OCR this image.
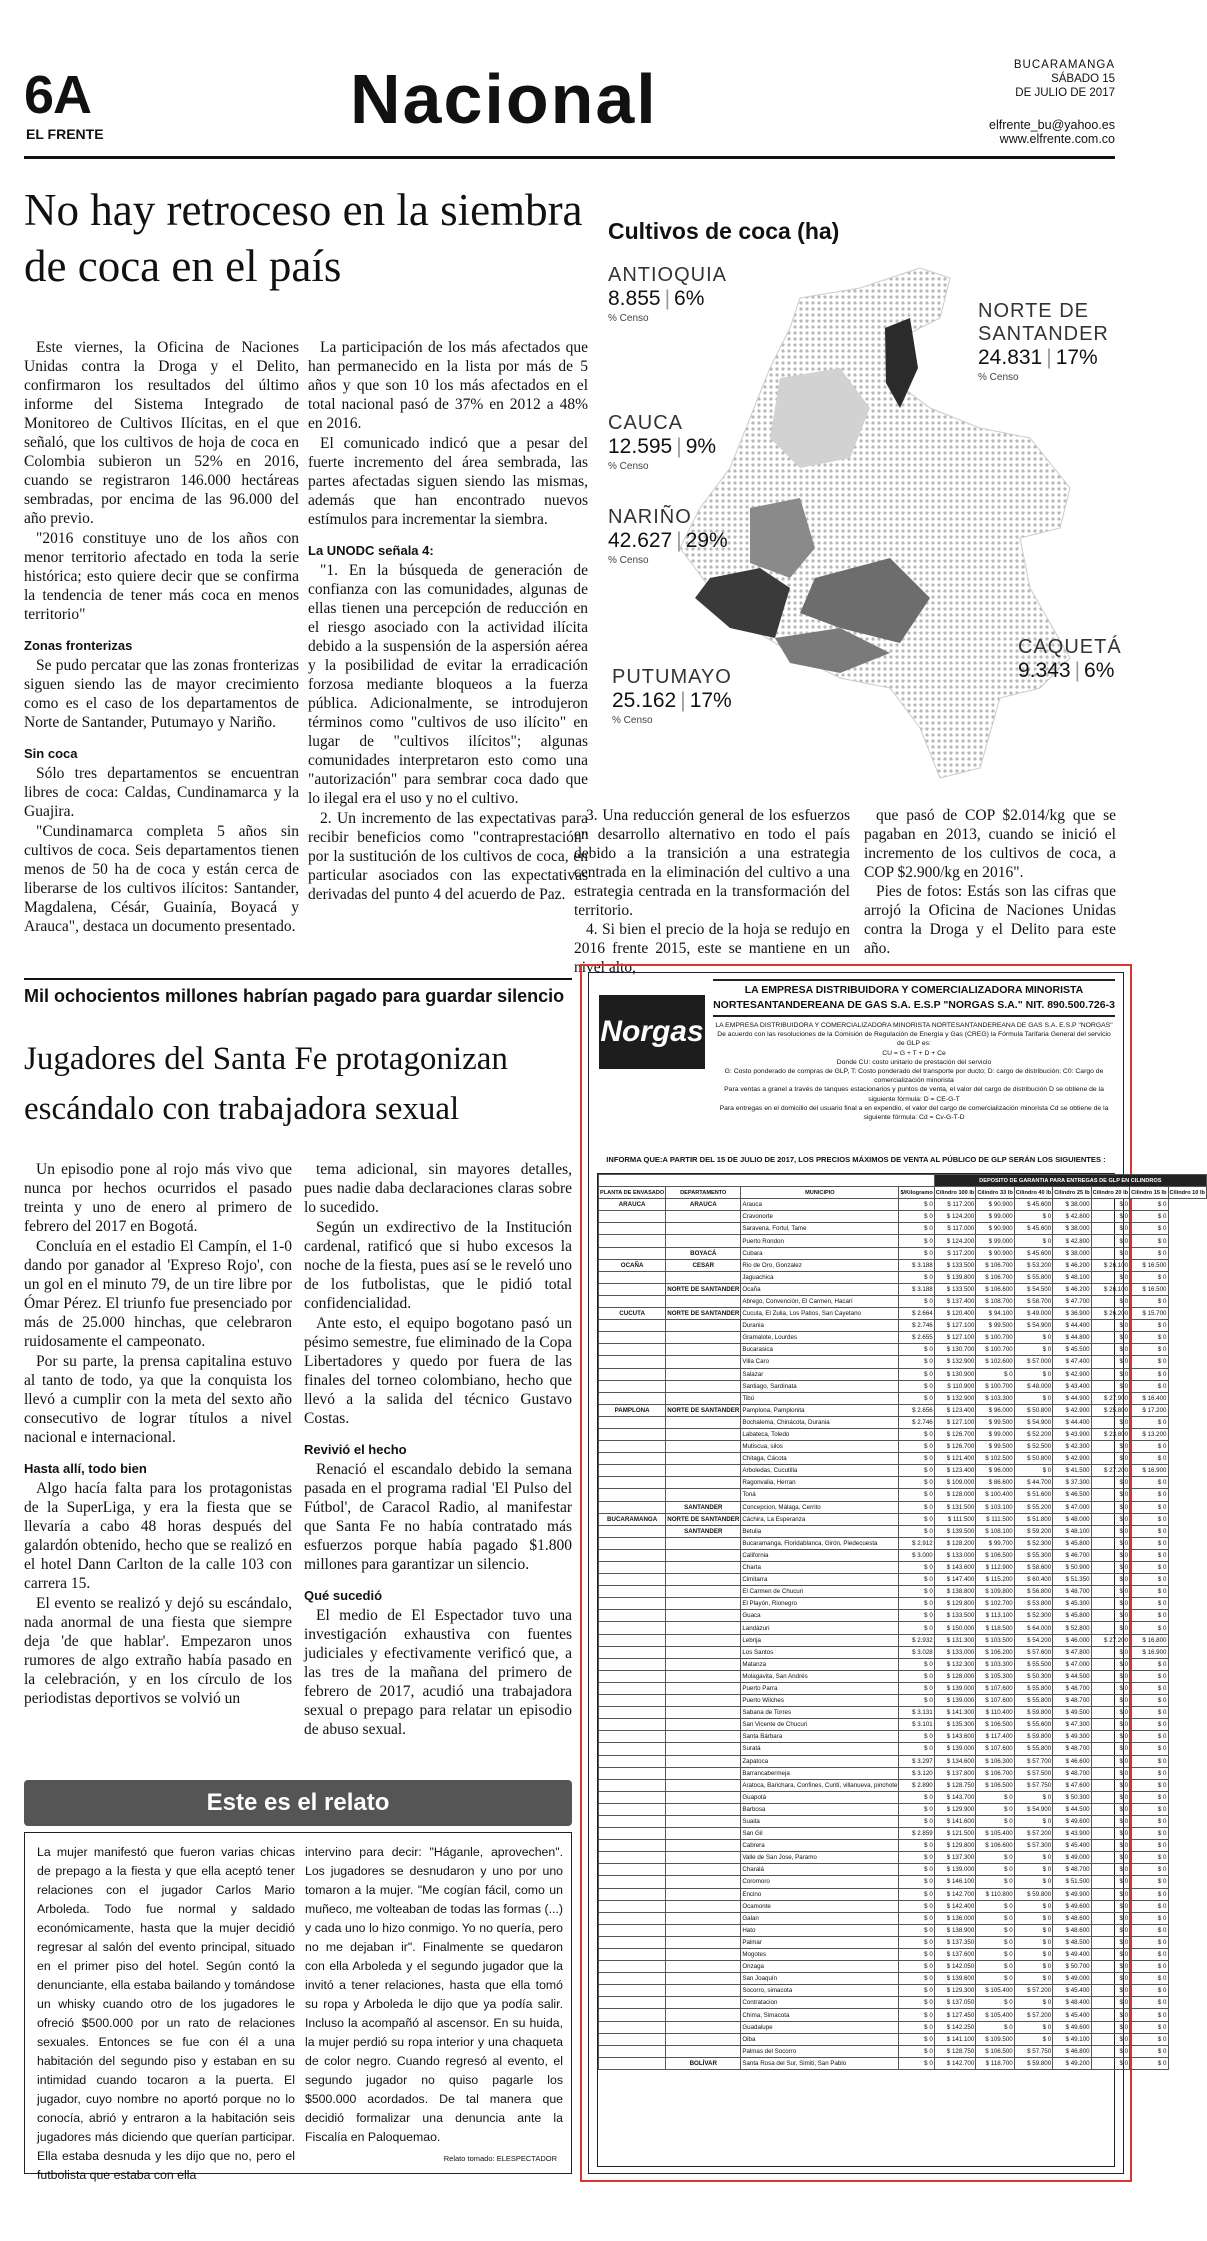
6A
EL FRENTE	Nacional	BUCARAMANGA
SÁBADO 15
DE JULIO DE 2017
elfrente_bu@yahoo.es
www.elfrente.com.co
No hay retroceso en la siembra de coca en el país

Este viernes, la Oficina de Naciones Unidas contra la Droga y el Delito, confirmaron los resultados del último informe del Sistema Integrado de Monitoreo de Cultivos Ilícitas, en el que señaló, que los cultivos de hoja de coca en Colombia subieron un 52% en 2016, cuando se registraron 146.000 hectáreas sembradas, por encima de las 96.000 del año previo.

"2016 constituye uno de los años con menor territorio afectado en toda la serie histórica; esto quiere decir que se confirma la tendencia de tener más coca en menos territorio"

Zonas fronterizas

Se pudo percatar que las zonas fronterizas siguen siendo las de mayor crecimiento como es el caso de los departamentos de Norte de Santander, Putumayo y Nariño.

Sin coca

Sólo tres departamentos se encuentran libres de coca: Caldas, Cundinamarca y la Guajira.

"Cundinamarca completa 5 años sin cultivos de coca. Seis departamentos tienen menos de 50 ha de coca y están cerca de liberarse de los cultivos ilícitos: Santander, Magdalena, Césár, Guainía, Boyacá y Arauca", destaca un documento presentado.

La participación de los más afectados que han permanecido en la lista por más de 5 años y que son 10 los más afectados en el total nacional pasó de 37% en 2012 a 48% en 2016.

El comunicado indicó que a pesar del fuerte incremento del área sembrada, las partes afectadas siguen siendo las mismas, además que han encontrado nuevos estímulos para incrementar la siembra.

La UNODC señala 4:

"1. En la búsqueda de generación de confianza con las comunidades, algunas de ellas tienen una percepción de reducción en el riesgo asociado con la actividad ilícita debido a la suspensión de la aspersión aérea y la posibilidad de evitar la erradicación forzosa mediante bloqueos a la fuerza pública. Adicionalmente, se introdujeron términos como "cultivos de uso ilícito" en lugar de "cultivos ilícitos"; algunas comunidades interpretaron esto como una "autorización" para sembrar coca dado que lo ilegal era el uso y no el cultivo.

2. Un incremento de las expectativas para recibir beneficios como "contraprestación" por la sustitución de los cultivos de coca, en particular asociados con las expectativas derivadas del punto 4 del acuerdo de Paz.

Cultivos de coca (ha)
ANTIOQUIA
8.855 | 6%
% Censo	NORTE DE SANTANDER
24.831 | 17%
% Censo
CAUCA
12.595 | 9%
% Censo
NARIÑO
42.627 | 29%
% Censo
CAQUETÁ
9.343 | 6%
PUTUMAYO
25.162 | 17%
% Censo

3. Una reducción general de los esfuerzos en desarrollo alternativo en todo el país debido a la transición a una estrategia centrada en la eliminación del cultivo a una estrategia centrada en la transformación del territorio.

4. Si bien el precio de la hoja se redujo en 2016 frente 2015, este se mantiene en un nivel alto,

que pasó de COP $2.014/kg que se pagaban en 2013, cuando se inició el incremento de los cultivos de coca, a COP $2.900/kg en 2016".

Pies de fotos: Estás son las cifras que arrojó la Oficina de Naciones Unidas contra la Droga y el Delito para este año.

Mil ochocientos millones habrían pagado para guardar silencio
Jugadores del Santa Fe protagonizan escándalo con trabajadora sexual

Un episodio pone al rojo más vivo que nunca por hechos ocurridos el pasado treinta y uno de enero al primero de febrero del 2017 en Bogotá.

Concluía en el estadio El Campín, el 1-0 dando por ganador al 'Expreso Rojo', con un gol en el minuto 79, de un tire libre por Ómar Pérez. El triunfo fue presenciado por más de 25.000 hinchas, que celebraron ruidosamente el campeonato.

Por su parte, la prensa capitalina estuvo al tanto de todo, ya que la conquista los llevó a cumplir con la meta del sexto año consecutivo de lograr títulos a nivel nacional e internacional.

Hasta allí, todo bien

Algo hacía falta para los protagonistas de la SuperLiga, y era la fiesta que se llevaría a cabo 48 horas después del galardón obtenido, hecho que se realizó en el hotel Dann Carlton de la calle 103 con carrera 15.

El evento se realizó y dejó su escándalo, nada anormal de una fiesta que siempre deja 'de que hablar'. Empezaron unos rumores de algo extraño había pasado en la celebración, y en los círculo de los periodistas deportivos se volvió un

tema adicional, sin mayores detalles, pues nadie daba declaraciones claras sobre lo sucedido.

Según un exdirectivo de la Institución cardenal, ratificó que si hubo excesos la noche de la fiesta, pues así se le reveló uno de los futbolistas, que le pidió total confidencialidad.

Ante esto, el equipo bogotano pasó un pésimo semestre, fue eliminado de la Copa Libertadores y quedo por fuera de las finales del torneo colombiano, hecho que llevó a la salida del técnico Gustavo Costas.

Revivió el hecho

Renació el escandalo debido la semana pasada en el programa radial 'El Pulso del Fútbol', de Caracol Radio, al manifestar que Santa Fe no había contratado más esfuerzos porque había pagado $1.800 millones para garantizar un silencio.

Qué sucedió

El medio de El Espectador tuvo una investigación exhaustiva con fuentes judiciales y efectivamente verificó que, a las tres de la mañana del primero de febrero de 2017, acudió una trabajadora sexual o prepago para relatar un episodio de abuso sexual.

Este es el relato
La mujer manifestó que fueron varias chicas de prepago a la fiesta y que ella aceptó tener relaciones con el jugador Carlos Mario Arboleda. Todo fue normal y saldado económicamente, hasta que la mujer decidió regresar al salón del evento principal, situado en el primer piso del hotel. Según contó la denunciante, ella estaba bailando y tomándose un whisky cuando otro de los jugadores le ofreció $500.000 por un rato de relaciones sexuales. Entonces se fue con él a una habitación del segundo piso y estaban en su intimidad cuando tocaron a la puerta. El jugador, cuyo nombre no aportó porque no lo conocía, abrió y entraron a la habitación seis jugadores más diciendo que querían participar. Ella estaba desnuda y les dijo que no, pero el futbolista que estaba con ella
intervino para decir: "Háganle, aprovechen". Los jugadores se desnudaron y uno por uno tomaron a la mujer. "Me cogían fácil, como un muñeco, me volteaban de todas las formas (...) y cada uno lo hizo conmigo. Yo no quería, pero no me dejaban ir". Finalmente se quedaron con ella Arboleda y el segundo jugador que la invitó a tener relaciones, hasta que ella tomó su ropa y Arboleda le dijo que ya podía salir. Incluso la acompañó al ascensor. En su huida, la mujer perdió su ropa interior y una chaqueta de color negro. Cuando regresó al evento, el segundo jugador no quiso pagarle los $500.000 acordados. De tal manera que decidió formalizar una denuncia ante la Fiscalía en Paloquemao.
Relato tomado: ELESPECTADOR
Norgas
LA EMPRESA DISTRIBUIDORA Y COMERCIALIZADORA MINORISTA
NORTESANTANDEREANA DE GAS S.A. E.S.P "NORGAS S.A." NIT. 890.500.726-3
LA EMPRESA DISTRIBUIDORA Y COMERCIALIZADORA MINORISTA NORTESANTANDEREANA DE GAS S.A. E.S.P "NORGAS"
De acuerdo con las resoluciones de la Comisión de Regulación de Energía y Gas (CREG) la Fórmula Tarifaria General del servicio de GLP es:
CU = G + T + D + Ce
Donde CU: costo unitario de prestación del servicio
G: Costo ponderado de compras de GLP, T: Costo ponderado del transporte por ducto; D: cargo de distribución; C0: Cargo de comercialización minorista
Para ventas a granel a través de tanques estacionarios y puntos de venta, el valor del cargo de distribución D se obtiene de la siguiente fórmula: D = CE-G-T
Para entregas en el domicilio del usuario final a en expendio, el valor del cargo de comercialización minorista Cd se obtiene de la siguiente fórmula: Cd = Cv-G-T-D
INFORMA QUE:A PARTIR DEL 15 DE JULIO DE 2017, LOS PRECIOS MÁXIMOS DE VENTA AL PÚBLICO DE GLP SERÁN LOS SIGUIENTES :
				DEPOSITO DE GARANTIA PARA ENTREGAS DE GLP EN CILINDROS						
PLANTA DE ENVASADO	DEPARTAMENTO	MUNICIPIO	$/Kilogramo	Cilindro 100 lb	Cilindro 33 lb	Cilindro 40 lb	Cilindro 25 lb	Cilindro 20 lb	Cilindro 15 lb	Cilindro 10 lb
ARAUCA	ARAUCA	Arauca	$ 0	$ 117.200	$ 90.900	$ 45.600	$ 38.000	$ 0	$ 0	
		Cravonorte	$ 0	$ 124.200	$ 99.000	$ 0	$ 42.800	$ 0	$ 0	
		Saravena, Fortul, Tame	$ 0	$ 117.000	$ 90.900	$ 45.600	$ 38.000	$ 0	$ 0	
		Puerto Rondon	$ 0	$ 124.200	$ 99.000	$ 0	$ 42.800	$ 0	$ 0	
	BOYACÁ	Cubara	$ 0	$ 117.200	$ 90.900	$ 45.600	$ 38.000	$ 0	$ 0	
OCAÑA	CESAR	Rio de Oro, Gonzalez	$ 3.188	$ 133.500	$ 106.700	$ 53.200	$ 46.200	$ 26.100	$ 16.500	
		Jaguachica	$ 0	$ 139.800	$ 106.700	$ 55.800	$ 48.100	$ 0	$ 0	
	NORTE DE SANTANDER	Ocaña	$ 3.188	$ 133.500	$ 106.600	$ 54.500	$ 46.200	$ 26.100	$ 16.500	
		Abrego, Convención, El Carmen, Hacarí	$ 0	$ 137.400	$ 108.700	$ 58.700	$ 47.700	$ 0	$ 0	
CUCUTA	NORTE DE SANTANDER	Cucuta, El Zulia, Los Patios, San Cayetano	$ 2.664	$ 120.400	$ 94.100	$ 49.000	$ 36.900	$ 26.200	$ 15.700	
		Durania	$ 2.746	$ 127.100	$ 99.500	$ 54.900	$ 44.400	$ 0	$ 0	
		Gramalote, Lourdes	$ 2.655	$ 127.100	$ 100.700	$ 0	$ 44.800	$ 0	$ 0	
		Bucarasica	$ 0	$ 130.700	$ 100.700	$ 0	$ 45.500	$ 0	$ 0	
		Villa Caro	$ 0	$ 132.900	$ 102.600	$ 57.000	$ 47.400	$ 0	$ 0	
		Salazar	$ 0	$ 130.900	$ 0	$ 0	$ 42.900	$ 0	$ 0	
		Santiago, Sardinata	$ 0	$ 110.900	$ 100.700	$ 48.000	$ 43.400	$ 0	$ 0	
		Tibú	$ 0	$ 132.900	$ 103.300	$ 0	$ 44.900	$ 27.900	$ 16.400	
PAMPLONA	NORTE DE SANTANDER	Pamplona, Pamplonita	$ 2.656	$ 123.400	$ 96.000	$ 50.800	$ 42.900	$ 25.800	$ 17.200	
		Bochalema, Chinácota, Durania	$ 2.746	$ 127.100	$ 99.500	$ 54.900	$ 44.400	$ 0	$ 0	
		Labateca, Toledo	$ 0	$ 126.700	$ 99.000	$ 52.200	$ 43.900	$ 23.800	$ 13.200	
		Mutiscua, silos	$ 0	$ 126.700	$ 99.500	$ 52.500	$ 42.300	$ 0	$ 0	
		Chitaga, Cácota	$ 0	$ 121.400	$ 102.500	$ 50.800	$ 42.900	$ 0	$ 0	
		Arboledas, Cucutilla	$ 0	$ 123.400	$ 96.000	$ 0	$ 41.500	$ 27.200	$ 16.900	
		Ragonvalia, Herran	$ 0	$ 109.000	$ 86.600	$ 44.700	$ 37.300	$ 0	$ 0	
		Toná	$ 0	$ 128.000	$ 100.400	$ 51.600	$ 46.500	$ 0	$ 0	
	SANTANDER	Concepcion, Málaga, Cerrito	$ 0	$ 131.500	$ 103.100	$ 55.200	$ 47.000	$ 0	$ 0	
BUCARAMANGA	NORTE DE SANTANDER	Cáchira, La Esperanza	$ 0	$ 111.500	$ 111.500	$ 51.800	$ 48.000	$ 0	$ 0	
	SANTANDER	Betulia	$ 0	$ 139.500	$ 108.100	$ 59.200	$ 48.100	$ 0	$ 0	
		Bucaramanga, Floridablanca, Girón, Piedecuesta	$ 2.912	$ 128.200	$ 99.700	$ 52.300	$ 45.800	$ 0	$ 0	
		California	$ 3.000	$ 133.000	$ 106.500	$ 55.300	$ 46.700	$ 0	$ 0	
		Charta	$ 0	$ 143.600	$ 112.900	$ 58.600	$ 50.900	$ 0	$ 0	
		Cimitarra	$ 0	$ 147.400	$ 115.200	$ 60.400	$ 51.350	$ 0	$ 0	
		El Carmen de Chucuri	$ 0	$ 138.800	$ 109.800	$ 56.800	$ 48.700	$ 0	$ 0	
		El Playón, Rionegro	$ 0	$ 129.800	$ 102.700	$ 53.800	$ 45.300	$ 0	$ 0	
		Guaca	$ 0	$ 133.500	$ 113.100	$ 52.300	$ 45.800	$ 0	$ 0	
		Landázuri	$ 0	$ 150.000	$ 118.500	$ 64.000	$ 52.800	$ 0	$ 0	
		Lebrija	$ 2.932	$ 131.300	$ 103.500	$ 54.200	$ 46.000	$ 27.200	$ 16.800	
		Los Santos	$ 3.028	$ 133.000	$ 106.200	$ 57.600	$ 47.800	$ 0	$ 16.900	
		Matanza	$ 0	$ 132.300	$ 103.300	$ 55.500	$ 47.000	$ 0	$ 0	
		Molagavita, San Andrés	$ 0	$ 128.000	$ 105.300	$ 50.300	$ 44.500	$ 0	$ 0	
		Puerto Parra	$ 0	$ 139.000	$ 107.600	$ 55.800	$ 48.700	$ 0	$ 0	
		Puerto Wilches	$ 0	$ 139.000	$ 107.600	$ 55.800	$ 48.700	$ 0	$ 0	
		Sabana de Torres	$ 3.131	$ 141.300	$ 110.400	$ 59.800	$ 49.500	$ 0	$ 0	
		San Vicente de Chucuri	$ 3.101	$ 135.300	$ 106.500	$ 55.600	$ 47.300	$ 0	$ 0	
		Santa Bárbara	$ 0	$ 143.600	$ 117.400	$ 59.800	$ 49.300	$ 0	$ 0	
		Suratá	$ 0	$ 139.000	$ 107.600	$ 55.800	$ 48.700	$ 0	$ 0	
		Zapatoca	$ 3.297	$ 134.600	$ 106.300	$ 57.700	$ 46.600	$ 0	$ 0	
		Barrancabermeja	$ 3.120	$ 137.800	$ 106.700	$ 57.500	$ 48.700	$ 0	$ 0	
		Aratoca, Barichara, Confines, Curití, villanueva, pinchote	$ 2.890	$ 128.750	$ 106.500	$ 57.750	$ 47.600	$ 0	$ 0	
		Guapotá	$ 0	$ 143.700	$ 0	$ 0	$ 50.300	$ 0	$ 0	
		Barbosa	$ 0	$ 129.900	$ 0	$ 54.900	$ 44.500	$ 0	$ 0	
		Suaita	$ 0	$ 141.600	$ 0	$ 0	$ 49.600	$ 0	$ 0	
		San Gil	$ 2.859	$ 121.500	$ 105.400	$ 57.200	$ 43.900	$ 0	$ 0	
		Cabrera	$ 0	$ 129.800	$ 106.600	$ 57.300	$ 45.400	$ 0	$ 0	
		Valle de San Jose, Paramo	$ 0	$ 137.300	$ 0	$ 0	$ 49.000	$ 0	$ 0	
		Charalá	$ 0	$ 139.000	$ 0	$ 0	$ 48.700	$ 0	$ 0	
		Coromoro	$ 0	$ 146.100	$ 0	$ 0	$ 51.500	$ 0	$ 0	
		Encino	$ 0	$ 142.700	$ 110.800	$ 59.800	$ 49.900	$ 0	$ 0	
		Ocamonte	$ 0	$ 142.400	$ 0	$ 0	$ 49.600	$ 0	$ 0	
		Galan	$ 0	$ 136.000	$ 0	$ 0	$ 48.600	$ 0	$ 0	
		Hato	$ 0	$ 138.900	$ 0	$ 0	$ 48.600	$ 0	$ 0	
		Palmar	$ 0	$ 137.350	$ 0	$ 0	$ 48.500	$ 0	$ 0	
		Mogotes	$ 0	$ 137.600	$ 0	$ 0	$ 49.400	$ 0	$ 0	
		Onzaga	$ 0	$ 142.050	$ 0	$ 0	$ 50.700	$ 0	$ 0	
		San Joaquín	$ 0	$ 139.600	$ 0	$ 0	$ 49.000	$ 0	$ 0	
		Socorro, simacota	$ 0	$ 129.300	$ 105.400	$ 57.200	$ 45.400	$ 0	$ 0	
		Contratacion	$ 0	$ 137.050	$ 0	$ 0	$ 48.400	$ 0	$ 0	
		Chima, Simacota	$ 0	$ 127.450	$ 105.400	$ 57.200	$ 45.400	$ 0	$ 0	
		Guadalupe	$ 0	$ 142.250	$ 0	$ 0	$ 49.600	$ 0	$ 0	
		Oiba	$ 0	$ 141.100	$ 109.500	$ 0	$ 49.100	$ 0	$ 0	
		Palmas del Socorro	$ 0	$ 128.750	$ 106.500	$ 57.750	$ 46.800	$ 0	$ 0	
	BOLÍVAR	Santa Rosa del Sur, Simiti, San Pablo	$ 0	$ 142.700	$ 118.700	$ 59.800	$ 49.200	$ 0	$ 0	
